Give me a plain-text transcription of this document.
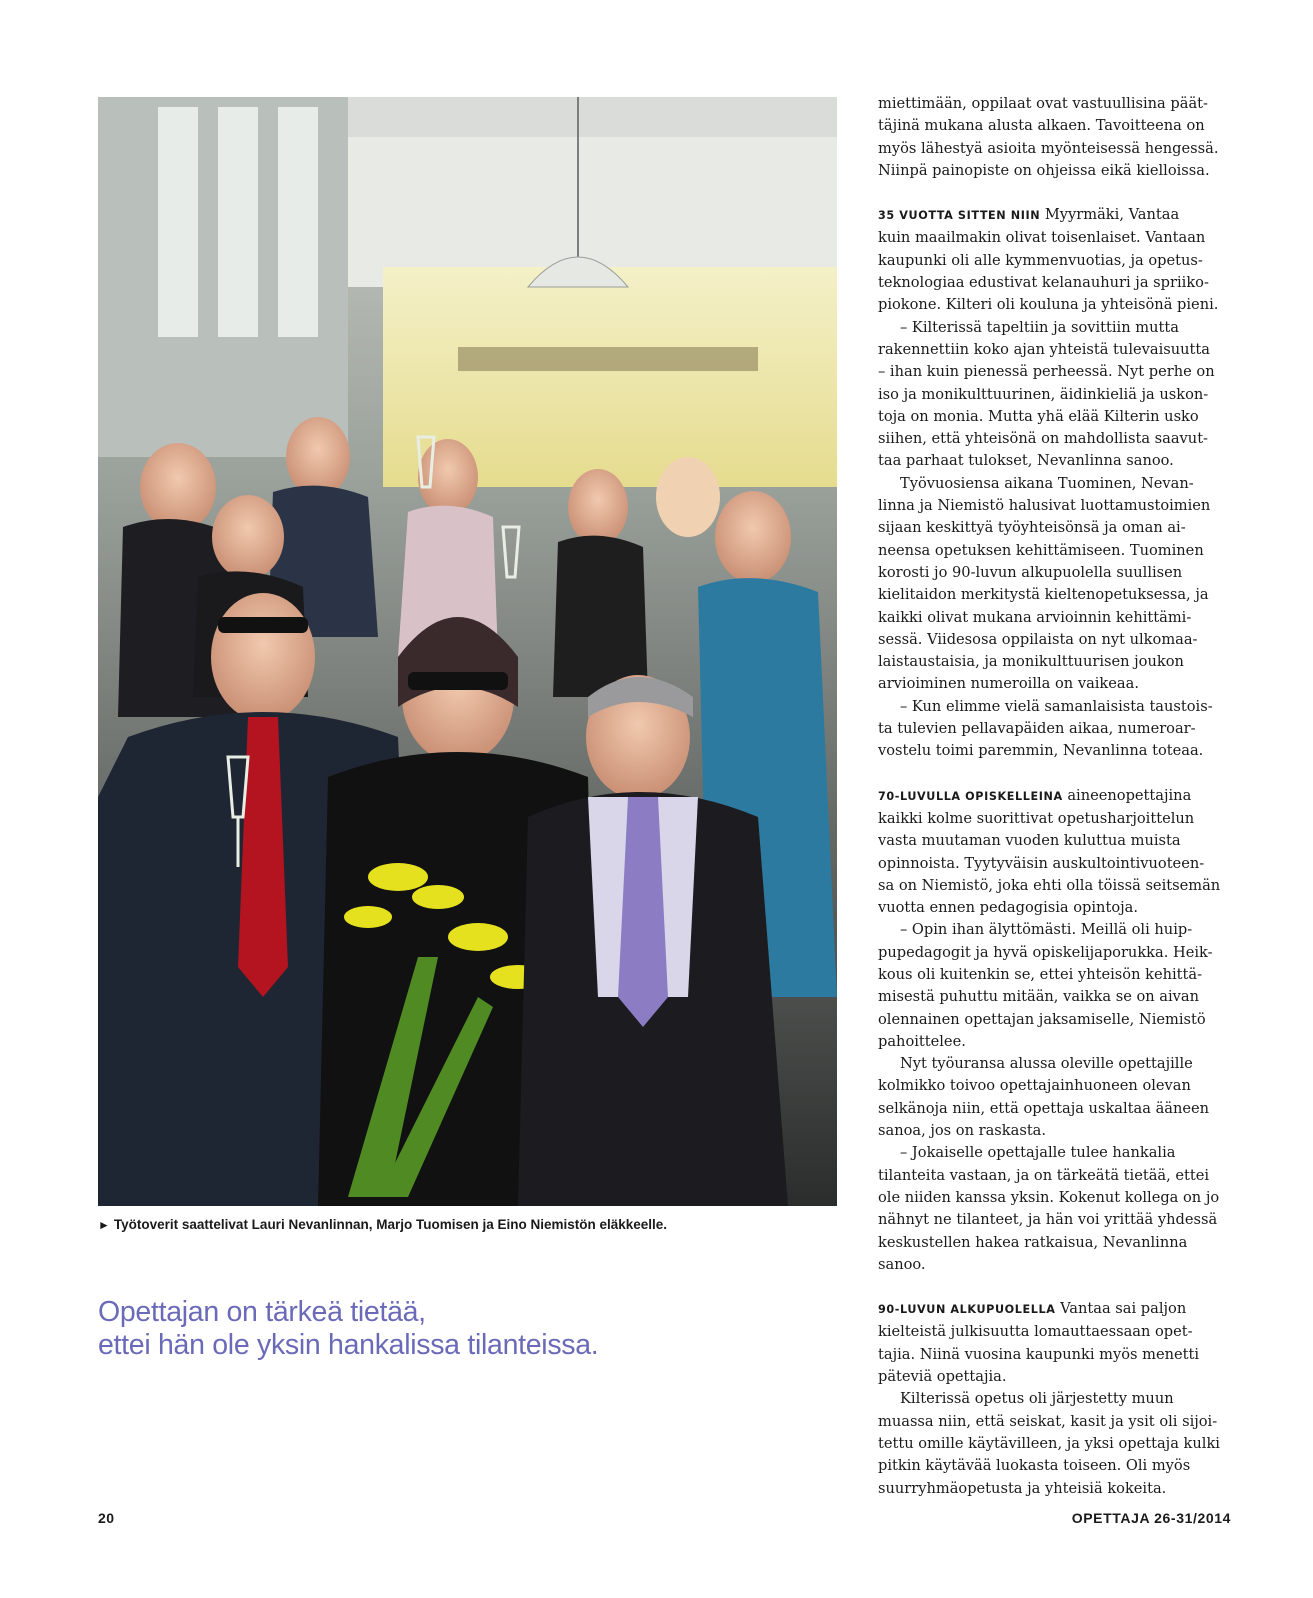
► Työtoverit saattelivat Lauri Nevanlinnan, Marjo Tuomisen ja Eino Niemistön eläkkeelle.
Opettajan on tärkeä tietää,
ettei hän ole yksin hankalissa tilanteissa.

miettimään, oppilaat ovat vastuullisina päät-
täjinä mukana alusta alkaen. Tavoitteena on
myös lähestyä asioita myönteisessä hengessä.
Niinpä painopiste on ohjeissa eikä kielloissa.

35 VUOTTA SITTEN NIIN Myyrmäki, Vantaa
kuin maailmakin olivat toisenlaiset. Vantaan
kaupunki oli alle kymmenvuotias, ja opetus-
teknologiaa edustivat kelanauhuri ja spriiko-
piokone. Kilteri oli kouluna ja yhteisönä pieni.

– Kilterissä tapeltiin ja sovittiin mutta
rakennettiin koko ajan yhteistä tulevaisuutta
– ihan kuin pienessä perheessä. Nyt perhe on
iso ja monikulttuurinen, äidinkieliä ja uskon-
toja on monia. Mutta yhä elää Kilterin usko
siihen, että yhteisönä on mahdollista saavut-
taa parhaat tulokset, Nevanlinna sanoo.

Työvuosiensa aikana Tuominen, Nevan-
linna ja Niemistö halusivat luottamustoimien
sijaan keskittyä työyhteisönsä ja oman ai-
neensa opetuksen kehittämiseen. Tuominen
korosti jo 90-luvun alkupuolella suullisen
kielitaidon merkitystä kieltenopetuksessa, ja
kaikki olivat mukana arvioinnin kehittämi-
sessä. Viidesosa oppilaista on nyt ulkomaa-
laistaustaisia, ja monikulttuurisen joukon
arvioiminen numeroilla on vaikeaa.

– Kun elimme vielä samanlaisista taustois-
ta tulevien pellavapäiden aikaa, numeroar-
vostelu toimi paremmin, Nevanlinna toteaa.

70-LUVULLA OPISKELLEINA aineenopettajina
kaikki kolme suorittivat opetusharjoittelun
vasta muutaman vuoden kuluttua muista
opinnoista. Tyytyväisin auskultointivuoteen-
sa on Niemistö, joka ehti olla töissä seitsemän
vuotta ennen pedagogisia opintoja.

– Opin ihan älyttömästi. Meillä oli huip-
pupedagogit ja hyvä opiskelijaporukka. Heik-
kous oli kuitenkin se, ettei yhteisön kehittä-
misestä puhuttu mitään, vaikka se on aivan
olennainen opettajan jaksamiselle, Niemistö
pahoittelee.

Nyt työuransa alussa oleville opettajille
kolmikko toivoo opettajainhuoneen olevan
selkänoja niin, että opettaja uskaltaa ääneen
sanoa, jos on raskasta.

– Jokaiselle opettajalle tulee hankalia
tilanteita vastaan, ja on tärkeätä tietää, ettei
ole niiden kanssa yksin. Kokenut kollega on jo
nähnyt ne tilanteet, ja hän voi yrittää yhdessä
keskustellen hakea ratkaisua, Nevanlinna
sanoo.

90-LUVUN ALKUPUOLELLA Vantaa sai paljon
kielteistä julkisuutta lomauttaessaan opet-
tajia. Niinä vuosina kaupunki myös menetti
päteviä opettajia.

Kilterissä opetus oli järjestetty muun
muassa niin, että seiskat, kasit ja ysit oli sijoi-
tettu omille käytävilleen, ja yksi opettaja kulki
pitkin käytävää luokasta toiseen. Oli myös
suurryhmäopetusta ja yhteisiä kokeita.

20	OPETTAJA 26-31/2014
